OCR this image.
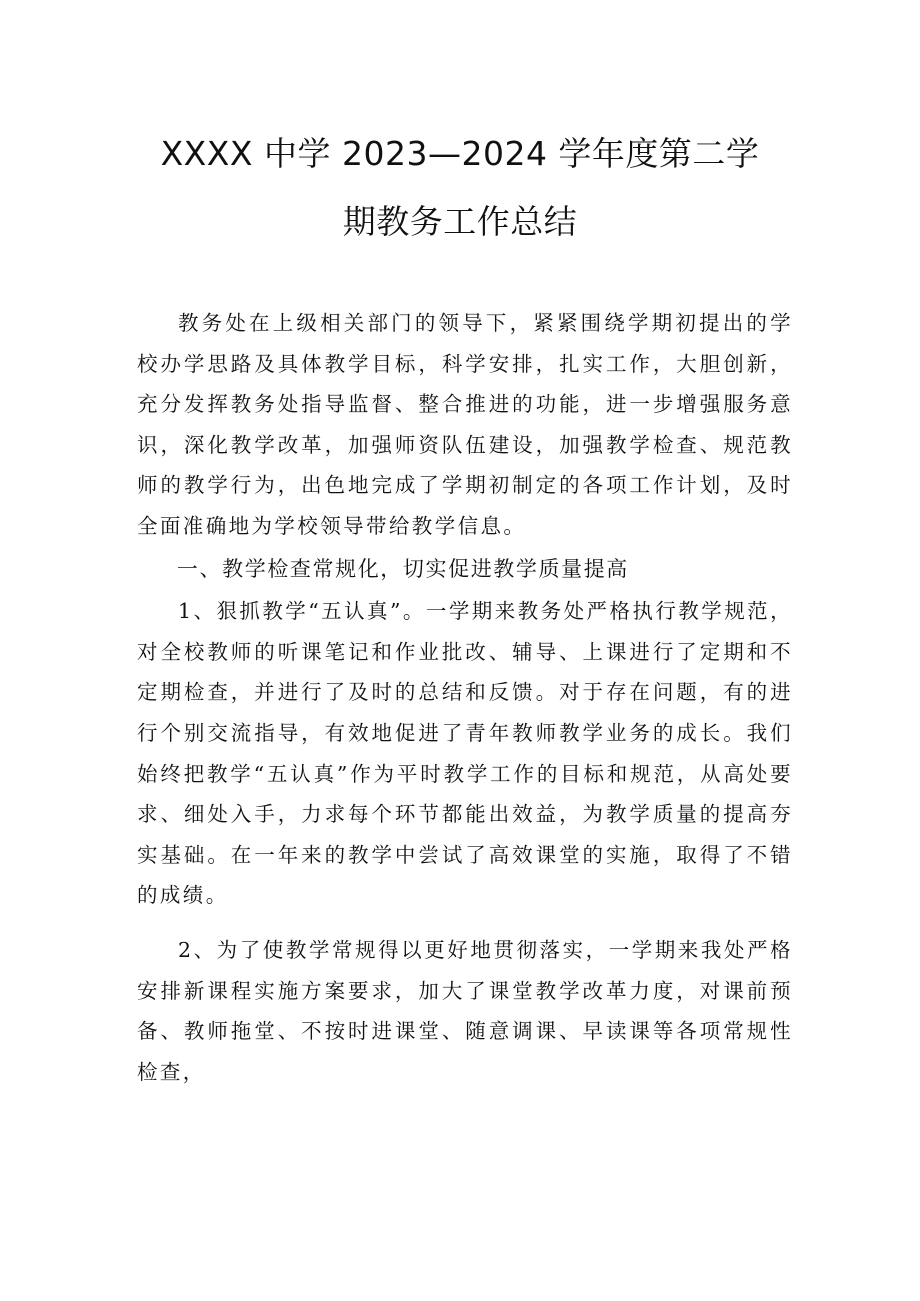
XXXX 中学 2023—2024 学年度第二学
期教务工作总结

教务处在上级相关部门的领导下，紧紧围绕学期初提出的学校办学思路及具体教学目标，科学安排，扎实工作，大胆创新，充分发挥教务处指导监督、整合推进的功能，进一步增强服务意识，深化教学改革，加强师资队伍建设，加强教学检查、规范教师的教学行为，出色地完成了学期初制定的各项工作计划，及时全面准确地为学校领导带给教学信息。

一、教学检查常规化，切实促进教学质量提高

1、狠抓教学“五认真”。一学期来教务处严格执行教学规范，对全校教师的听课笔记和作业批改、辅导、上课进行了定期和不定期检查，并进行了及时的总结和反馈。对于存在问题，有的进行个别交流指导，有效地促进了青年教师教学业务的成长。我们始终把教学“五认真”作为平时教学工作的目标和规范，从高处要求、细处入手，力求每个环节都能出效益，为教学质量的提高夯实基础。在一年来的教学中尝试了高效课堂的实施，取得了不错的成绩。

2、为了使教学常规得以更好地贯彻落实，一学期来我处严格安排新课程实施方案要求，加大了课堂教学改革力度，对课前预备、教师拖堂、不按时进课堂、随意调课、早读课等各项常规性检查，
